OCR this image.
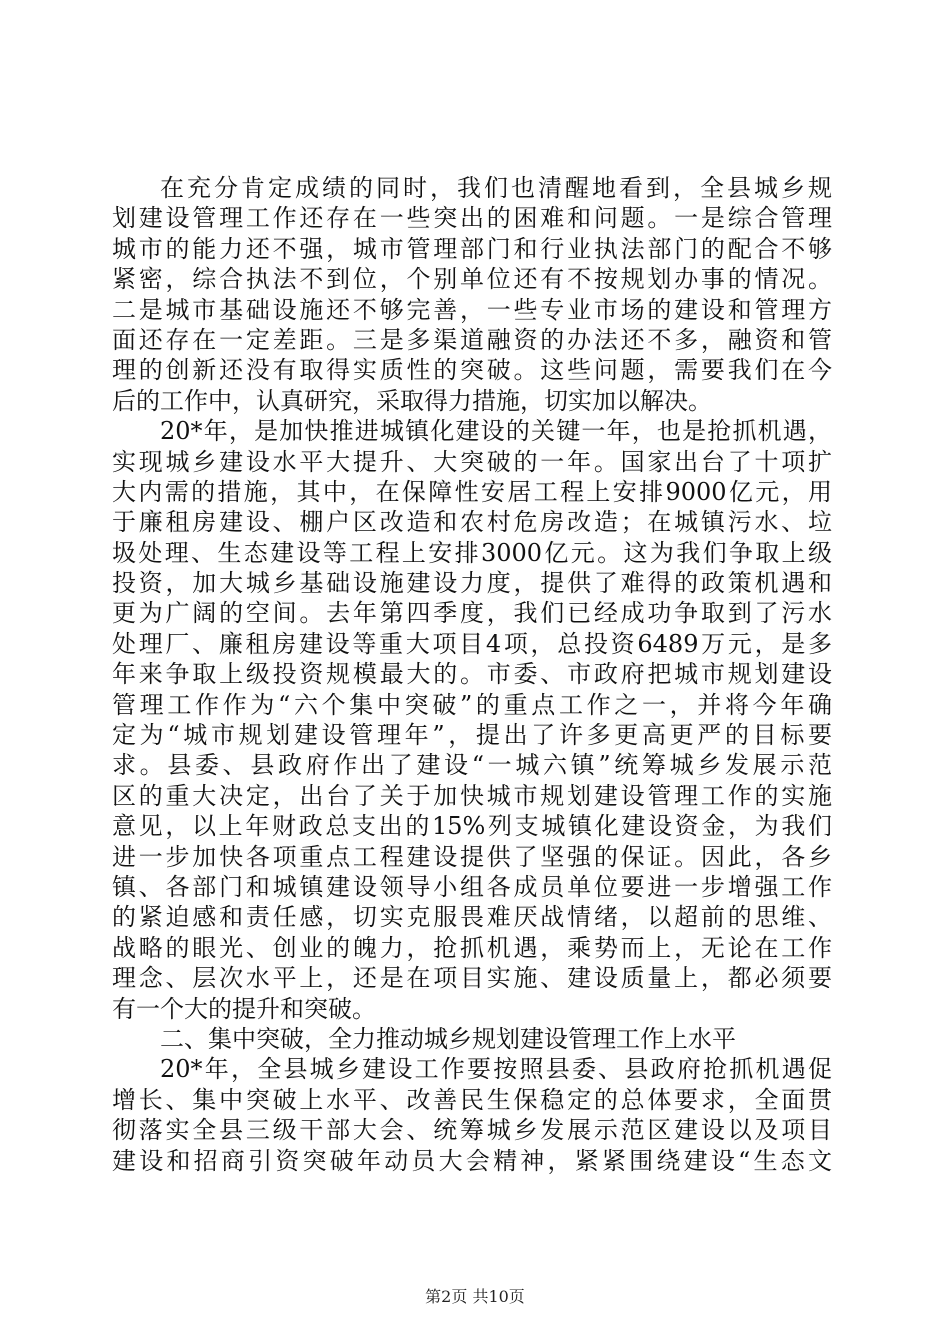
在充分肯定成绩的同时，我们也清醒地看到，全县城乡规
划建设管理工作还存在一些突出的困难和问题。一是综合管理
城市的能力还不强，城市管理部门和行业执法部门的配合不够
紧密，综合执法不到位，个别单位还有不按规划办事的情况。
二是城市基础设施还不够完善，一些专业市场的建设和管理方
面还存在一定差距。三是多渠道融资的办法还不多，融资和管
理的创新还没有取得实质性的突破。这些问题，需要我们在今
后的工作中，认真研究，采取得力措施，切实加以解决。
20*年，是加快推进城镇化建设的关键一年，也是抢抓机遇，
实现城乡建设水平大提升、大突破的一年。国家出台了十项扩
大内需的措施，其中，在保障性安居工程上安排9000亿元，用
于廉租房建设、棚户区改造和农村危房改造；在城镇污水、垃
圾处理、生态建设等工程上安排3000亿元。这为我们争取上级
投资，加大城乡基础设施建设力度，提供了难得的政策机遇和
更为广阔的空间。去年第四季度，我们已经成功争取到了污水
处理厂、廉租房建设等重大项目4项，总投资6489万元，是多
年来争取上级投资规模最大的。市委、市政府把城市规划建设
管理工作作为“六个集中突破”的重点工作之一，并将今年确
定为“城市规划建设管理年”，提出了许多更高更严的目标要
求。县委、县政府作出了建设“一城六镇”统筹城乡发展示范
区的重大决定，出台了关于加快城市规划建设管理工作的实施
意见，以上年财政总支出的15%列支城镇化建设资金，为我们
进一步加快各项重点工程建设提供了坚强的保证。因此，各乡
镇、各部门和城镇建设领导小组各成员单位要进一步增强工作
的紧迫感和责任感，切实克服畏难厌战情绪，以超前的思维、
战略的眼光、创业的魄力，抢抓机遇，乘势而上，无论在工作
理念、层次水平上，还是在项目实施、建设质量上，都必须要
有一个大的提升和突破。
二、集中突破，全力推动城乡规划建设管理工作上水平
20*年，全县城乡建设工作要按照县委、县政府抢抓机遇促
增长、集中突破上水平、改善民生保稳定的总体要求，全面贯
彻落实全县三级干部大会、统筹城乡发展示范区建设以及项目
建设和招商引资突破年动员大会精神，紧紧围绕建设“生态文
第2页 共10页
